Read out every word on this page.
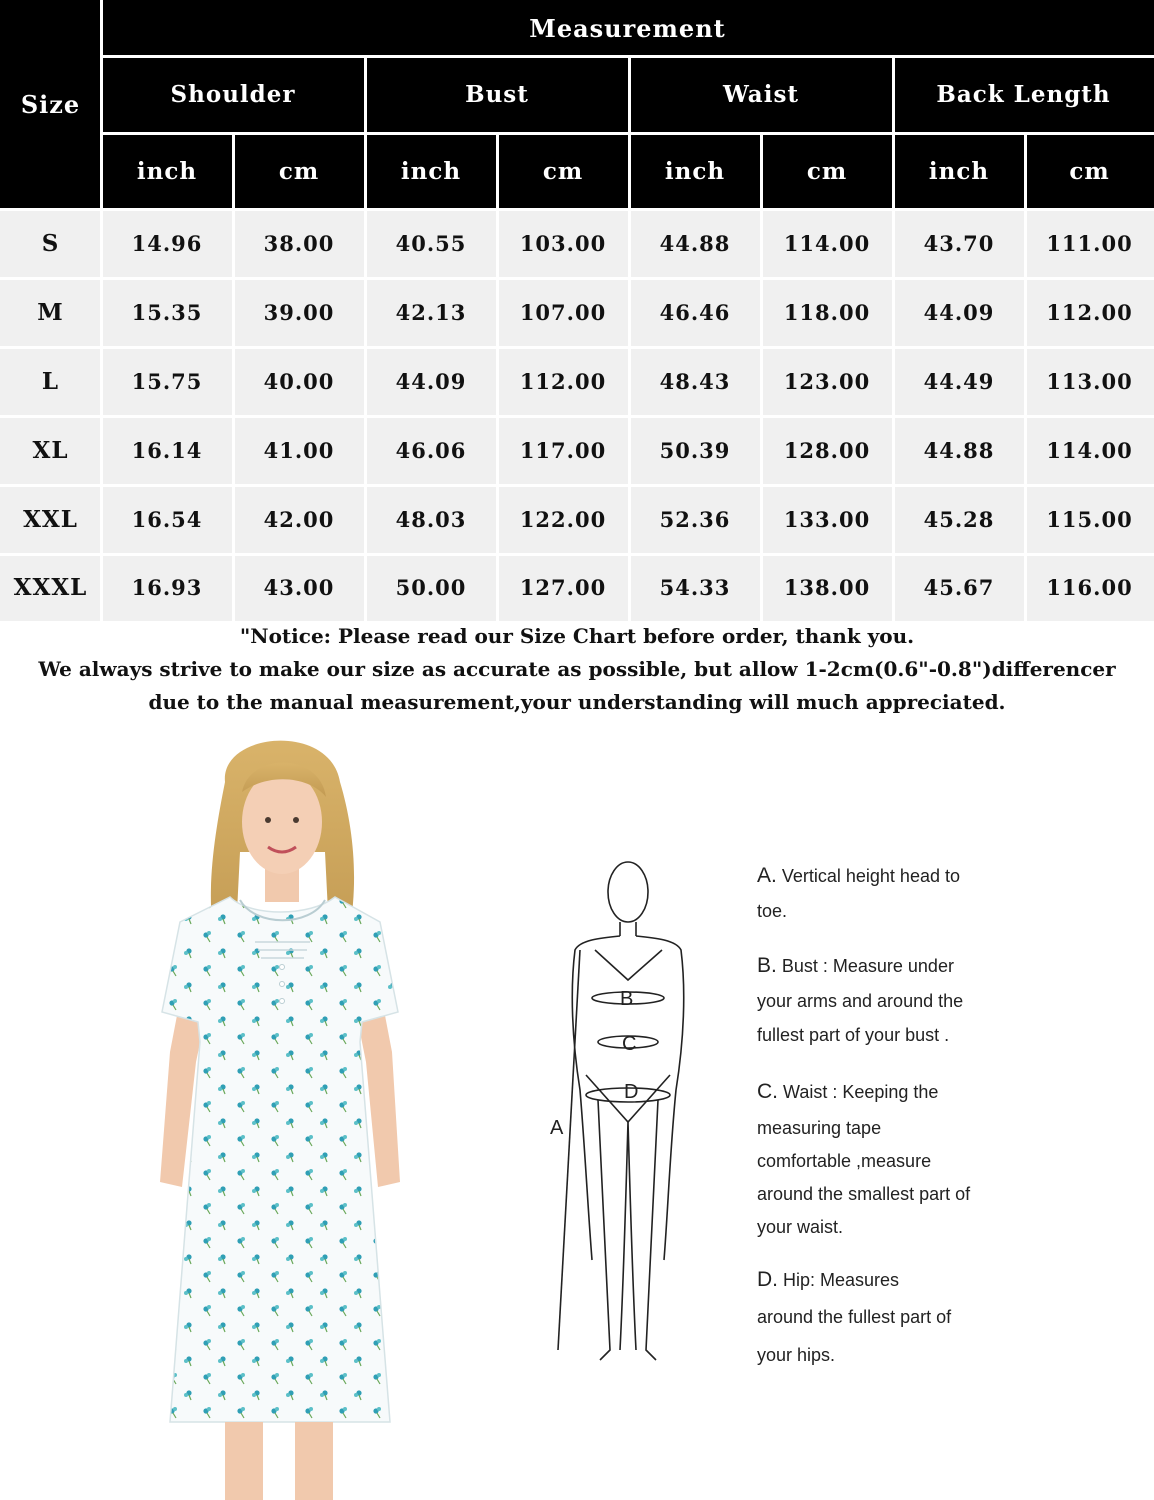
Size
Measurement
Shoulder	Bust	Waist	Back Length
inch	cm	inch	cm	inch	cm	inch	cm
S	14.96	38.00	40.55	103.00	44.88	114.00	43.70	111.00
M	15.35	39.00	42.13	107.00	46.46	118.00	44.09	112.00
L	15.75	40.00	44.09	112.00	48.43	123.00	44.49	113.00
XL	16.14	41.00	46.06	117.00	50.39	128.00	44.88	114.00
XXL	16.54	42.00	48.03	122.00	52.36	133.00	45.28	115.00
XXXL	16.93	43.00	50.00	127.00	54.33	138.00	45.67	116.00
"Notice: Please read our Size Chart before order, thank you.
We always strive to make our size as accurate as possible, but allow 1-2cm(0.6"-0.8")differencer
due to the manual measurement,your understanding will much appreciated.
B
C
D
A
A. Vertical height head to
toe.
B. Bust : Measure under
your arms and around the
fullest part of your bust .
C. Waist : Keeping the
measuring tape
comfortable ,measure
around the smallest part of
your waist.
D. Hip: Measures
around the fullest part of
your hips.
